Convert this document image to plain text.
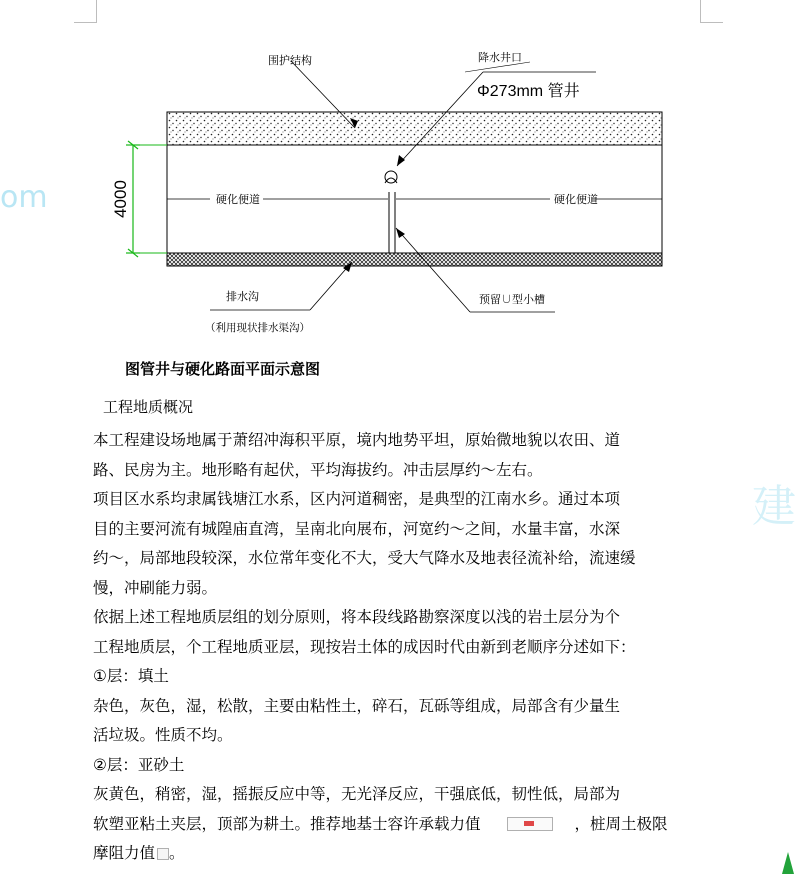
om
建
围护结构	降水井口
Φ273mm 管井
硬化便道	硬化便道
4000
排水沟
（利用现状排水渠沟）
预留∪型小槽
图管井与硬化路面平面示意图
工程地质概况

本工程建设场地属于萧绍冲海积平原，境内地势平坦，原始微地貌以农田、道

路、民房为主。地形略有起伏，平均海拔约。冲击层厚约～左右。

项目区水系均隶属钱塘江水系，区内河道稠密，是典型的江南水乡。通过本项

目的主要河流有城隍庙直湾，呈南北向展布，河宽约～之间，水量丰富，水深

约～，局部地段较深，水位常年变化不大，受大气降水及地表径流补给，流速缓

慢，冲刷能力弱。

依据上述工程地质层组的划分原则，将本段线路勘察深度以浅的岩土层分为个

工程地质层，个工程地质亚层，现按岩土体的成因时代由新到老顺序分述如下：

①层：填土

杂色，灰色，湿，松散，主要由粘性土，碎石，瓦砾等组成，局部含有少量生

活垃圾。性质不均。

②层：亚砂土

灰黄色，稍密，湿，摇振反应中等，无光泽反应，干强底低，韧性低，局部为

软塑亚粘土夹层，顶部为耕土。推荐地基士容许承载力值	，桩周土极限

摩阻力值 。
